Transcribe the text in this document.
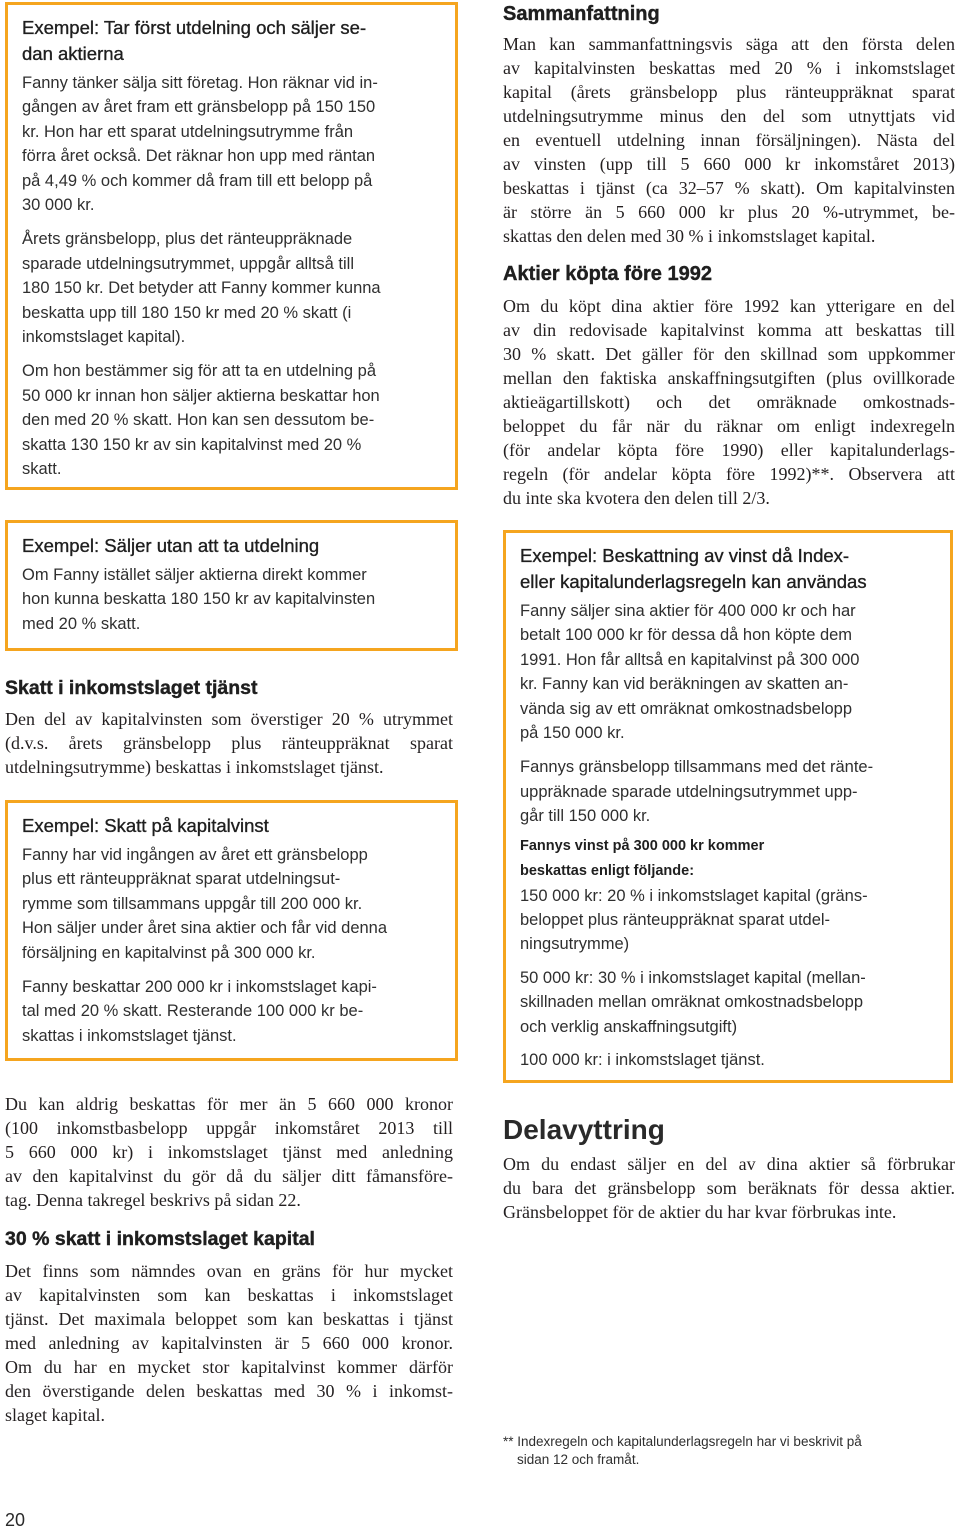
Exempel: Tar först utdelning och säljer se-
dan aktierna
Fanny tänker sälja sitt företag. Hon räknar vid in-
gången av året fram ett gränsbelopp på 150 150
kr. Hon har ett sparat utdelningsutrymme från
förra året också. Det räknar hon upp med räntan
på 4,49 % och kommer då fram till ett belopp på
30 000 kr.
Årets gränsbelopp, plus det ränteuppräknade
sparade utdelningsutrymmet, uppgår alltså till
180 150 kr. Det betyder att Fanny kommer kunna
beskatta upp till 180 150 kr med 20 % skatt (i
inkomstslaget kapital).
Om hon bestämmer sig för att ta en utdelning på
50 000 kr innan hon säljer aktierna beskattar hon
den med 20 % skatt. Hon kan sen dessutom be-
skatta 130 150 kr av sin kapitalvinst med 20 %
skatt.
Exempel: Säljer utan att ta utdelning
Om Fanny istället säljer aktierna direkt kommer
hon kunna beskatta 180 150 kr av kapitalvinsten
med 20 % skatt.
Skatt i inkomstslaget tjänst
Den del av kapitalvinsten som överstiger 20 % utrymmet
(d.v.s. årets gränsbelopp plus ränteuppräknat sparat
utdelningsutrymme) beskattas i inkomstslaget tjänst.
Exempel: Skatt på kapitalvinst
Fanny har vid ingången av året ett gränsbelopp
plus ett ränteuppräknat sparat utdelningsut-
rymme som tillsammans uppgår till 200 000 kr.
Hon säljer under året sina aktier och får vid denna
försäljning en kapitalvinst på 300 000 kr.
Fanny beskattar 200 000 kr i inkomstslaget kapi-
tal med 20 % skatt. Resterande 100 000 kr be-
skattas i inkomstslaget tjänst.
Du kan aldrig beskattas för mer än 5 660 000 kronor
(100 inkomstbasbelopp uppgår inkomståret 2013 till
5 660 000 kr) i inkomstslaget tjänst med anledning
av den kapitalvinst du gör då du säljer ditt fåmansföre-
tag. Denna takregel beskrivs på sidan 22.
30 % skatt i inkomstslaget kapital
Det finns som nämndes ovan en gräns för hur mycket
av kapitalvinsten som kan beskattas i inkomstslaget
tjänst. Det maximala beloppet som kan beskattas i tjänst
med anledning av kapitalvinsten är 5 660 000 kronor.
Om du har en mycket stor kapitalvinst kommer därför
den överstigande delen beskattas med 30 % i inkomst-
slaget kapital.
20
Sammanfattning
Man kan sammanfattningsvis säga att den första delen
av kapitalvinsten beskattas med 20 % i inkomstslaget
kapital (årets gränsbelopp plus ränteuppräknat sparat
utdelningsutrymme minus den del som utnyttjats vid
en eventuell utdelning innan försäljningen). Nästa del
av vinsten (upp till 5 660 000 kr inkomståret 2013)
beskattas i tjänst (ca 32–57 % skatt). Om kapitalvinsten
är större än 5 660 000 kr plus 20 %-utrymmet, be-
skattas den delen med 30 % i inkomstslaget kapital.
Aktier köpta före 1992
Om du köpt dina aktier före 1992 kan ytterigare en del
av din redovisade kapitalvinst komma att beskattas till
30 % skatt. Det gäller för den skillnad som uppkommer
mellan den faktiska anskaffningsutgiften (plus ovillkorade
aktieägartillskott) och det omräknade omkostnads-
beloppet du får när du räknar om enligt indexregeln
(för andelar köpta före 1990) eller kapitalunderlags-
regeln (för andelar köpta före 1992)**. Observera att
du inte ska kvotera den delen till 2/3.
Exempel: Beskattning av vinst då Index-
eller kapitalunderlagsregeln kan användas
Fanny säljer sina aktier för 400 000 kr och har
betalt 100 000 kr för dessa då hon köpte dem
1991. Hon får alltså en kapitalvinst på 300 000
kr. Fanny kan vid beräkningen av skatten an-
vända sig av ett omräknat omkostnadsbelopp
på 150 000 kr.
Fannys gränsbelopp tillsammans med det ränte-
uppräknade sparade utdelningsutrymmet upp-
går till 150 000 kr.
Fannys vinst på 300 000 kr kommer
beskattas enligt följande:
150 000 kr: 20 % i inkomstslaget kapital (gräns-
beloppet plus ränteuppräknat sparat utdel-
ningsutrymme)
50 000 kr: 30 % i inkomstslaget kapital (mellan-
skillnaden mellan omräknat omkostnadsbelopp
och verklig anskaffningsutgift)
100 000 kr: i inkomstslaget tjänst.
Delavyttring
Om du endast säljer en del av dina aktier så förbrukar
du bara det gränsbelopp som beräknats för dessa aktier.
Gränsbeloppet för de aktier du har kvar förbrukas inte.
** Indexregeln och kapitalunderlagsregeln har vi beskrivit på
sidan 12 och framåt.
